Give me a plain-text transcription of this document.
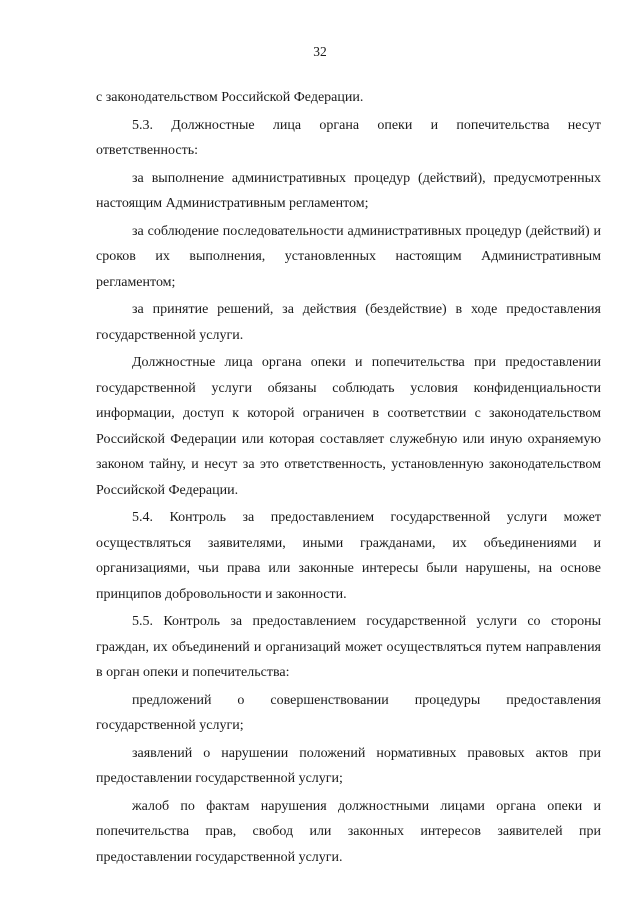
32

с законодательством Российской Федерации.

5.3. Должностные лица органа опеки и попечительства несут ответственность:

за выполнение административных процедур (действий), предусмотренных настоящим Административным регламентом;

за соблюдение последовательности административных процедур (действий) и сроков их выполнения, установленных настоящим Административным регламентом;

за принятие решений, за действия (бездействие) в ходе предоставления государственной услуги.

Должностные лица органа опеки и попечительства при предоставлении государственной услуги обязаны соблюдать условия конфиденциальности информации, доступ к которой ограничен в соответствии с законодательством Российской Федерации или которая составляет служебную или иную охраняемую законом тайну, и несут за это ответственность, установленную законодательством Российской Федерации.

5.4. Контроль за предоставлением государственной услуги может осуществляться заявителями, иными гражданами, их объединениями и организациями, чьи права или законные интересы были нарушены, на основе принципов добровольности и законности.

5.5. Контроль за предоставлением государственной услуги со стороны граждан, их объединений и организаций может осуществляться путем направления в орган опеки и попечительства:

предложений о совершенствовании процедуры предоставления государственной услуги;

заявлений о нарушении положений нормативных правовых актов при предоставлении государственной услуги;

жалоб по фактам нарушения должностными лицами органа опеки и попечительства прав, свобод или законных интересов заявителей при предоставлении государственной услуги.
